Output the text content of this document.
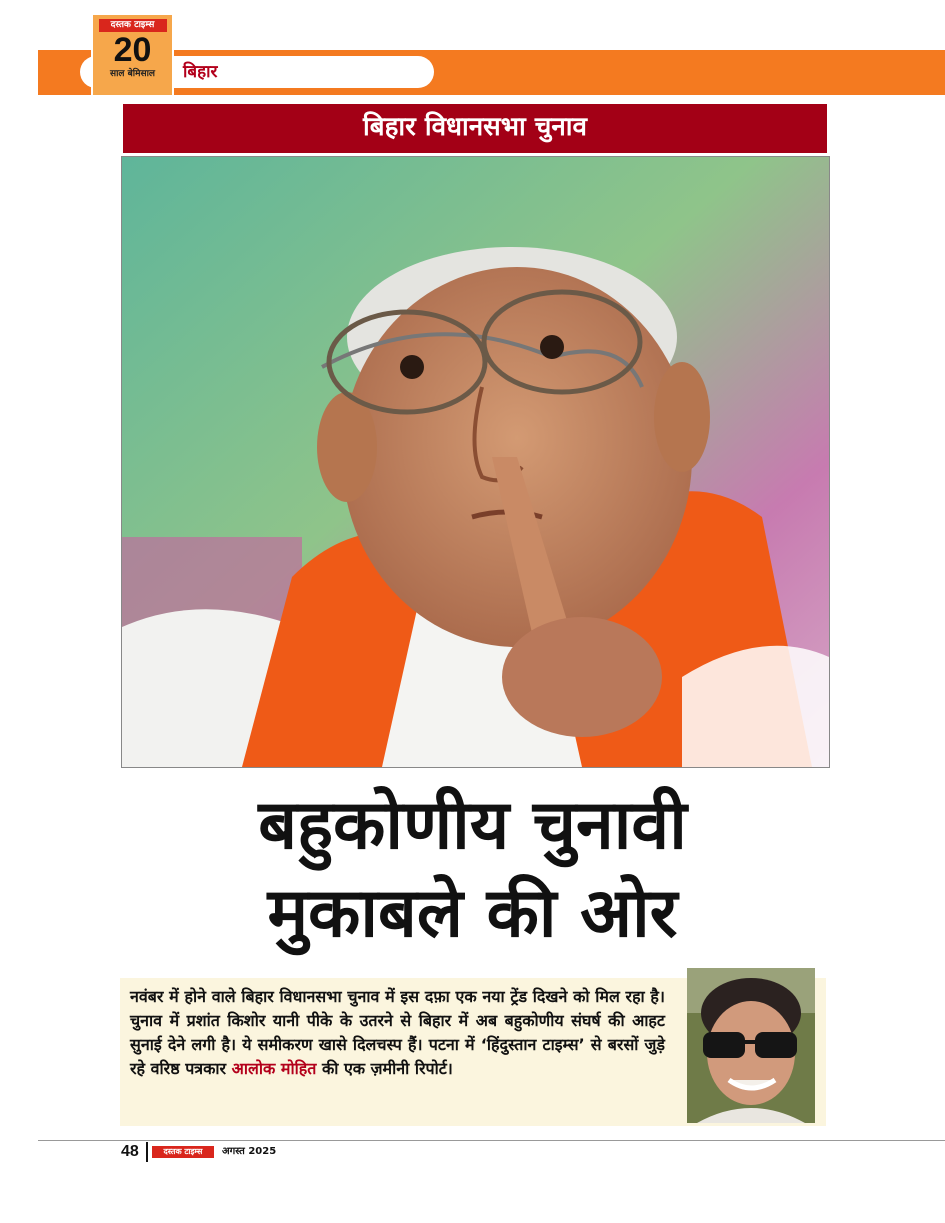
बिहार
दस्तक टाइम्स
20
साल बेमिसाल
बिहार विधानसभा चुनाव
बहुकोणीय चुनावी
मुकाबले की ओर
नवंबर में होने वाले बिहार विधानसभा चुनाव में इस दफ़ा एक नया ट्रेंड दिखने को मिल रहा है। चुनाव में प्रशांत किशोर यानी पीके के उतरने से बिहार में अब बहुकोणीय संघर्ष की आहट सुनाई देने लगी है। ये समीकरण खासे दिलचस्प हैं। पटना में ‘हिंदुस्तान टाइम्स’ से बरसों जुड़े रहे वरिष्ठ पत्रकार आलोक मोहित की एक ज़मीनी रिपोर्ट।
48	दस्तक टाइम्स	अगस्त 2025
